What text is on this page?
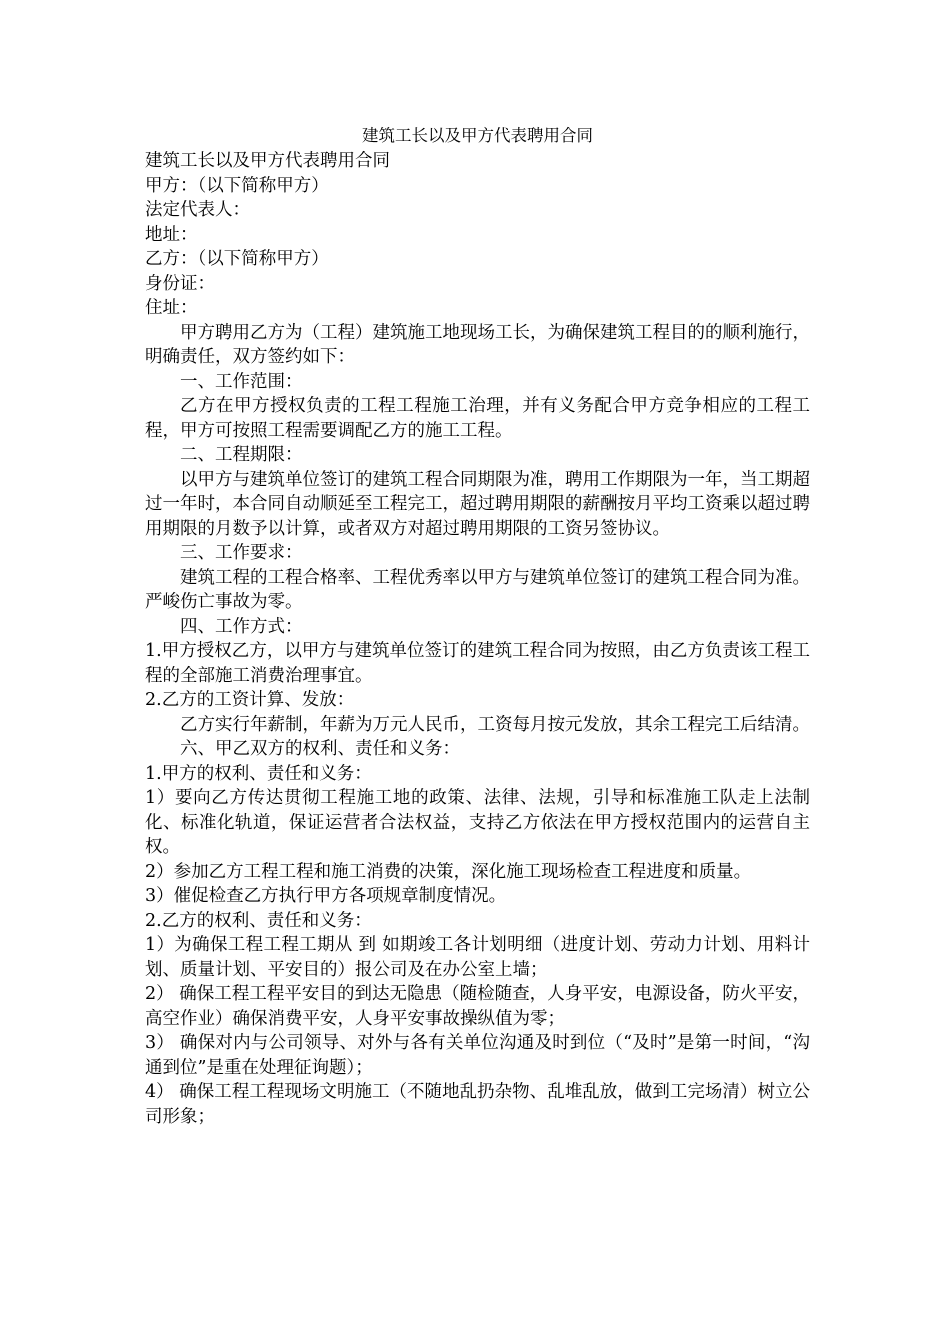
建筑工长以及甲方代表聘用合同

建筑工长以及甲方代表聘用合同

甲方：（以下简称甲方）

法定代表人：

地址：

乙方：（以下简称甲方）

身份证：

住址：

甲方聘用乙方为（工程）建筑施工地现场工长，为确保建筑工程目的的顺利施行，明确责任，双方签约如下：

一、工作范围：

乙方在甲方授权负责的工程工程施工治理，并有义务配合甲方竞争相应的工程工程，甲方可按照工程需要调配乙方的施工工程。

二、工程期限：

以甲方与建筑单位签订的建筑工程合同期限为准，聘用工作期限为一年，当工期超过一年时，本合同自动顺延至工程完工，超过聘用期限的薪酬按月平均工资乘以超过聘用期限的月数予以计算，或者双方对超过聘用期限的工资另签协议。

三、工作要求：

建筑工程的工程合格率、工程优秀率以甲方与建筑单位签订的建筑工程合同为准。严峻伤亡事故为零。

四、工作方式：

1.甲方授权乙方，以甲方与建筑单位签订的建筑工程合同为按照，由乙方负责该工程工程的全部施工消费治理事宜。

2.乙方的工资计算、发放：

乙方实行年薪制，年薪为万元人民币，工资每月按元发放，其余工程完工后结清。

六、甲乙双方的权利、责任和义务：

1.甲方的权利、责任和义务：

1）要向乙方传达贯彻工程施工地的政策、法律、法规，引导和标准施工队走上法制化、标准化轨道，保证运营者合法权益，支持乙方依法在甲方授权范围内的运营自主权。

2）参加乙方工程工程和施工消费的决策，深化施工现场检查工程进度和质量。

3）催促检查乙方执行甲方各项规章制度情况。

2.乙方的权利、责任和义务：

1）为确保工程工程工期从 到 如期竣工各计划明细（进度计划、劳动力计划、用料计划、质量计划、平安目的）报公司及在办公室上墙；

2） 确保工程工程平安目的到达无隐患（随检随查，人身平安，电源设备，防火平安，高空作业）确保消费平安，人身平安事故操纵值为零；

3） 确保对内与公司领导、对外与各有关单位沟通及时到位（“及时”是第一时间，“沟通到位”是重在处理征询题）；

4） 确保工程工程现场文明施工（不随地乱扔杂物、乱堆乱放，做到工完场清）树立公司形象；
